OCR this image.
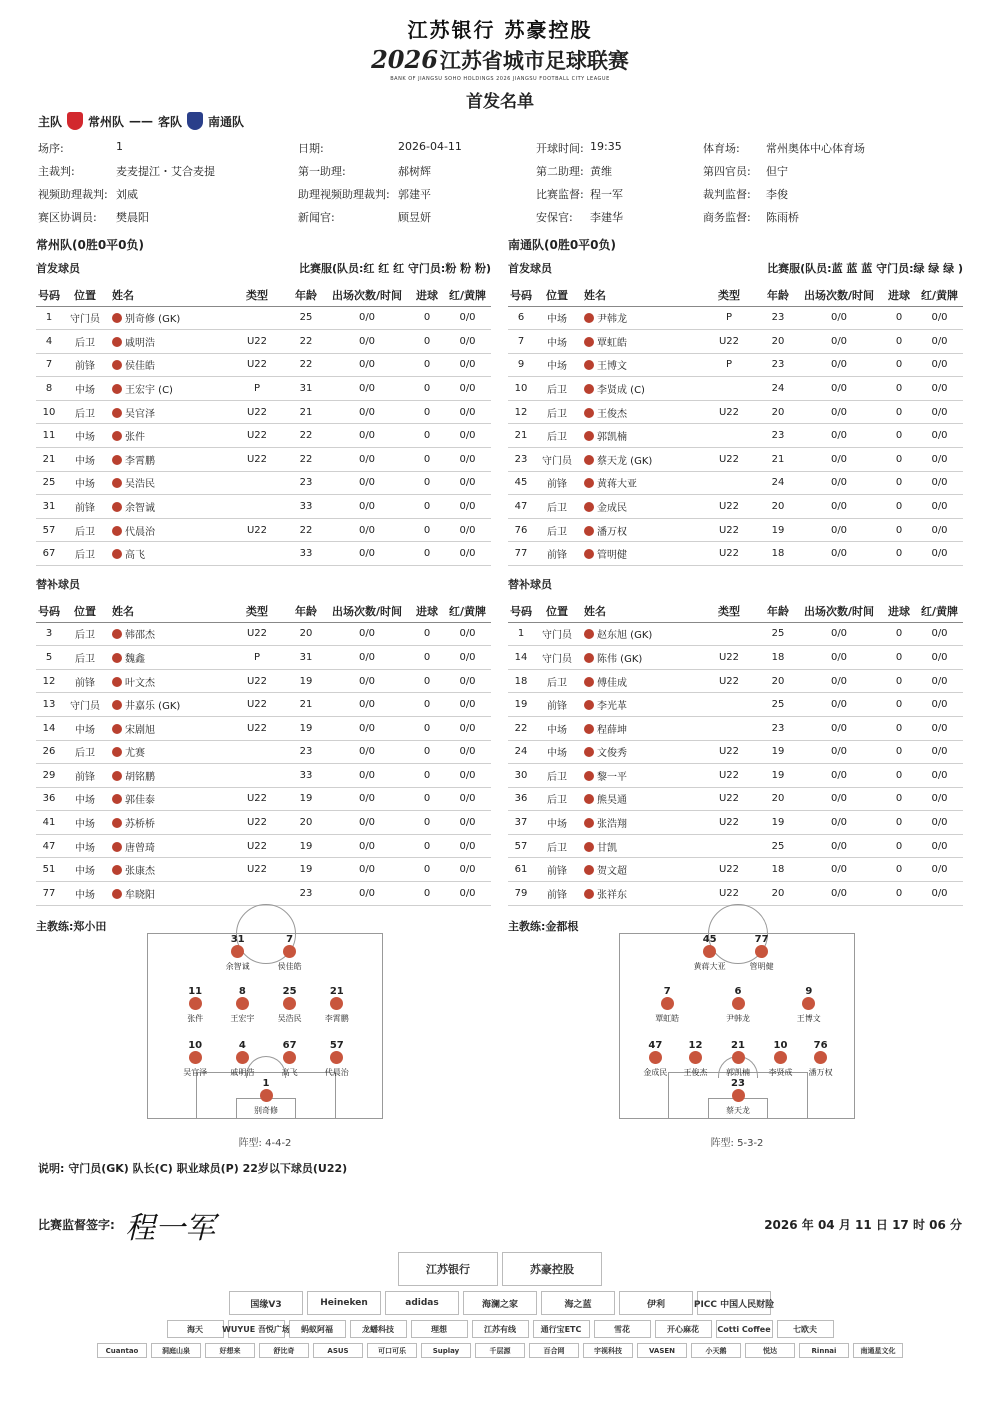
江苏银行 苏豪控股
2026江苏省城市足球联赛
BANK OF JIANGSU SOHO HOLDINGS 2026 JIANGSU FOOTBALL CITY LEAGUE
首发名单
主队 常州队 —— 客队 南通队
场序:	1	日期:	2026-04-11	开球时间: 19:35	体育场: 常州奥体中心体育场
主裁判:	麦麦提江・艾合麦提	第一助理:	郝树辉	第二助理: 黄维	第四官员: 但宁
视频助理裁判: 刘威	助理视频助理裁判: 郭建平	比赛监督: 程一军	裁判监督: 李俊
赛区协调员: 樊晨阳	新闻官:	顾昱妍	安保官: 李建华	商务监督: 陈雨桥
常州队(0胜0平0负)
首发球员	比赛服(队员:红 红 红 守门员:粉 粉 粉)
号码	位置	姓名	类型	年龄	出场次数/时间	进球	红/黄牌
1	守门员	别奇修 (GK)		25	0/0	0	0/0
4	后卫	戚明浩	U22	22	0/0	0	0/0
7	前锋	侯佳皓	U22	22	0/0	0	0/0
8	中场	王宏宇 (C)	P	31	0/0	0	0/0
10	后卫	吴官泽	U22	21	0/0	0	0/0
11	中场	张件	U22	22	0/0	0	0/0
21	中场	李霄鹏	U22	22	0/0	0	0/0
25	中场	吴浩民		23	0/0	0	0/0
31	前锋	余智诚		33	0/0	0	0/0
57	后卫	代晨治	U22	22	0/0	0	0/0
67	后卫	高飞		33	0/0	0	0/0
替补球员
号码	位置	姓名	类型	年龄	出场次数/时间	进球	红/黄牌
3	后卫	韩邵杰	U22	20	0/0	0	0/0
5	后卫	魏鑫	P	31	0/0	0	0/0
12	前锋	叶文杰	U22	19	0/0	0	0/0
13	守门员	井嘉乐 (GK)	U22	21	0/0	0	0/0
14	中场	宋剧旭	U22	19	0/0	0	0/0
26	后卫	尤赛		23	0/0	0	0/0
29	前锋	胡铭鹏		33	0/0	0	0/0
36	中场	郭佳泰	U22	19	0/0	0	0/0
41	中场	苏桥桥	U22	20	0/0	0	0/0
47	中场	唐曾琦	U22	19	0/0	0	0/0
51	中场	张康杰	U22	19	0/0	0	0/0
77	中场	牟晓阳		23	0/0	0	0/0
主教练:郑小田
南通队(0胜0平0负)
首发球员	比赛服(队员:蓝 蓝 蓝 守门员:绿 绿 绿 )
号码	位置	姓名	类型	年龄	出场次数/时间	进球	红/黄牌
6	中场	尹韩龙	P	23	0/0	0	0/0
7	中场	覃虹皓	U22	20	0/0	0	0/0
9	中场	王博文	P	23	0/0	0	0/0
10	后卫	李贤成 (C)		24	0/0	0	0/0
12	后卫	王俊杰	U22	20	0/0	0	0/0
21	后卫	郭凯楠		23	0/0	0	0/0
23	守门员	蔡天龙 (GK)	U22	21	0/0	0	0/0
45	前锋	黄蒋大亚		24	0/0	0	0/0
47	后卫	金成民	U22	20	0/0	0	0/0
76	后卫	潘万权	U22	19	0/0	0	0/0
77	前锋	管明健	U22	18	0/0	0	0/0
替补球员
号码	位置	姓名	类型	年龄	出场次数/时间	进球	红/黄牌
1	守门员	赵东旭 (GK)		25	0/0	0	0/0
14	守门员	陈伟 (GK)	U22	18	0/0	0	0/0
18	后卫	傅佳成	U22	20	0/0	0	0/0
19	前锋	李光革		25	0/0	0	0/0
22	中场	程薛坤		23	0/0	0	0/0
24	中场	文俊秀	U22	19	0/0	0	0/0
30	后卫	黎一平	U22	19	0/0	0	0/0
36	后卫	熊昊通	U22	20	0/0	0	0/0
37	中场	张浩翔	U22	19	0/0	0	0/0
57	后卫	甘凯		25	0/0	0	0/0
61	前锋	贺文超	U22	18	0/0	0	0/0
79	前锋	张祥东	U22	20	0/0	0	0/0
主教练:金都根
31
余智诚
7
侯佳皓
11
张件
8
王宏宇
25
吴浩民
21
李霄鹏
10
吴官泽
4
戚明浩
67
高飞
57
代晨治
1
别奇修
阵型: 4-4-2
45
黄蒋大亚
77
管明健
7
覃虹皓
6
尹韩龙
9
王博文
47
金成民
12
王俊杰
21
郭凯楠
10
李贤成
76
潘万权
23
蔡天龙
阵型: 5-3-2
说明: 守门员(GK) 队长(C) 职业球员(P) 22岁以下球员(U22)
比赛监督签字: 程一军	2026 年 04 月 11 日 17 时 06 分
江苏银行	苏豪控股
国缘V3	Heineken	adidas	海澜之家	海之蓝	伊利	PICC 中国人民财险
海天	WUYUE 吾悦广场	蚂蚁阿福	龙蟠科技	理想	江苏有线	通行宝ETC	雪花	开心麻花	Cotti Coffee	七欧夫
Cuantao	洞庭山泉	好想来	舒比奇	ASUS	可口可乐	Suplay	千层源	百合网	宇视科技	VASEN	小天鹅	悦达	Rinnai	南通星文化
